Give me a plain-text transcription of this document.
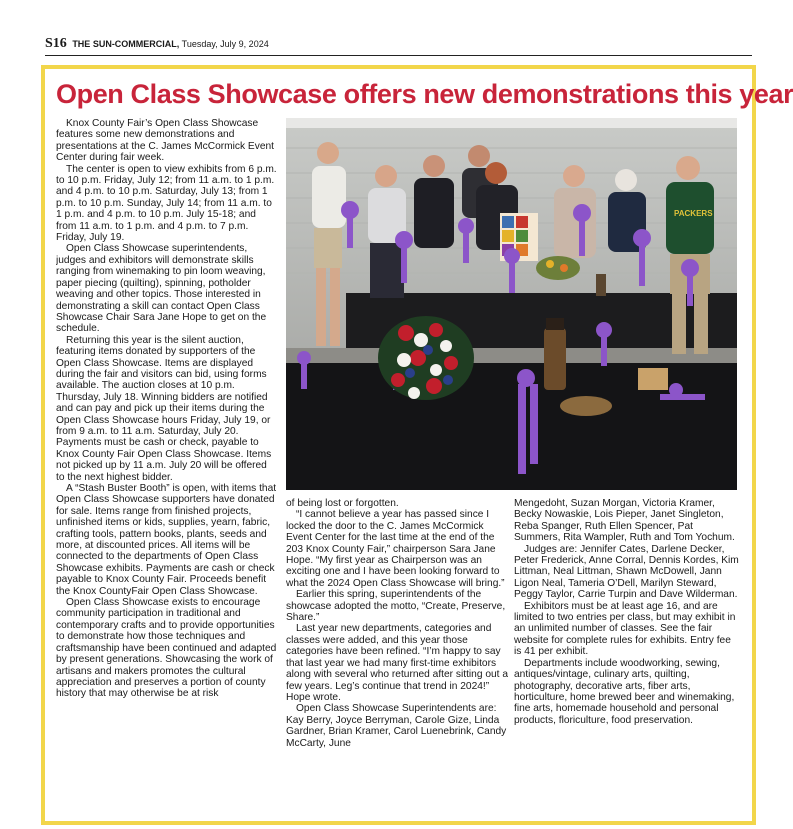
S16 THE SUN-COMMERCIAL, Tuesday, July 9, 2024
Open Class Showcase offers new demonstrations this year

Knox County Fair’s Open Class Showcase features some new demonstrations and presentations at the C. James McCormick Event Center during fair week.

The center is open to view exhibits from 6 p.m. to 10 p.m. Friday, July 12; from 11 a.m. to 1 p.m. and 4 p.m. to 10 p.m. Saturday, July 13; from 1 p.m. to 10 p.m. Sunday, July 14; from 11 a.m. to 1 p.m. and 4 p.m. to 10 p.m. July 15-18; and from 11 a.m. to 1 p.m. and 4 p.m. to 7 p.m. Friday, July 19.

Open Class Showcase superintendents, judges and exhibitors will demonstrate skills ranging from winemaking to pin loom weaving, paper piecing (quilting), spinning, potholder weaving and other topics. Those interested in demonstrating a skill can contact Open Class Showcase Chair Sara Jane Hope to get on the schedule.

Returning this year is the silent auction, featuring items donated by supporters of the Open Class Showcase. Items are displayed during the fair and visitors can bid, using forms available. The auction closes at 10 p.m. Thursday, July 18. Winning bidders are notified and can pay and pick up their items during the Open Class Showcase hours Friday, July 19, or from 9 a.m. to 11 a.m. Saturday, July 20. Payments must be cash or check, payable to Knox County Fair Open Class Showcase. Items not picked up by 11 a.m. July 20 will be offered to the next highest bidder.

A “Stash Buster Booth” is open, with items that Open Class Showcase supporters have donated for sale. Items range from finished projects, unfinished items or kids, supplies, yearn, fabric, crafting tools, pattern books, plants, seeds and more, at discounted prices. All items will be connected to the departments of Open Class Showcase exhibits. Payments are cash or check payable to Knox County Fair. Proceeds benefit the Knox CountyFair Open Class Showcase.

Open Class Showcase exists to encourage community participation in traditional and contemporary crafts and to provide opportunities to demonstrate how those techniques and craftsmanship have been continued and adapted by present generations. Showcasing the work of artisans and makers promotes the cultural appreciation and preserves a portion of county history that may otherwise be at risk

PACKERS

of being lost or forgotten.

“I cannot believe a year has passed since I locked the door to the C. James McCormick Event Center for the last time at the end of the 203 Knox County Fair,” chairperson Sara Jane Hope. “My first year as Chairperson was an exciting one and I have been looking forward to what the 2024 Open Class Showcase will bring.”

Earlier this spring, superintendents of the showcase adopted the motto, “Create, Preserve, Share.”

Last year new departments, categories and classes were added, and this year those categories have been refined. “I’m happy to say that last year we had many first-time exhibitors along with several who returned after sitting out a few years. Leg’s continue that trend in 2024!” Hope wrote.

Open Class Showcase Superintendents are: Kay Berry, Joyce Berryman, Carole Gize, Linda Gardner, Brian Kramer, Carol Luenebrink, Candy McCarty, June

Mengedoht, Suzan Morgan, Victoria Kramer, Becky Nowaskie, Lois Pieper, Janet Singleton, Reba Spanger, Ruth Ellen Spencer, Pat Summers, Rita Wampler, Ruth and Tom Yochum.

Judges are: Jennifer Cates, Darlene Decker, Peter Frederick, Anne Corral, Dennis Kordes, Kim Littman, Neal Littman, Shawn McDowell, Jann Ligon Neal, Tameria O’Dell, Marilyn Steward, Peggy Taylor, Carrie Turpin and Dave Wilderman.

Exhibitors must be at least age 16, and are limited to two entries per class, but may exhibit in an unlimited number of classes. See the fair website for complete rules for exhibits. Entry fee is 41 per exhibit.

Departments include woodworking, sewing, antiques/vintage, culinary arts, quilting, photography, decorative arts, fiber arts, horticulture, home brewed beer and winemaking, fine arts, homemade household and personal products, floriculture, food preservation.
